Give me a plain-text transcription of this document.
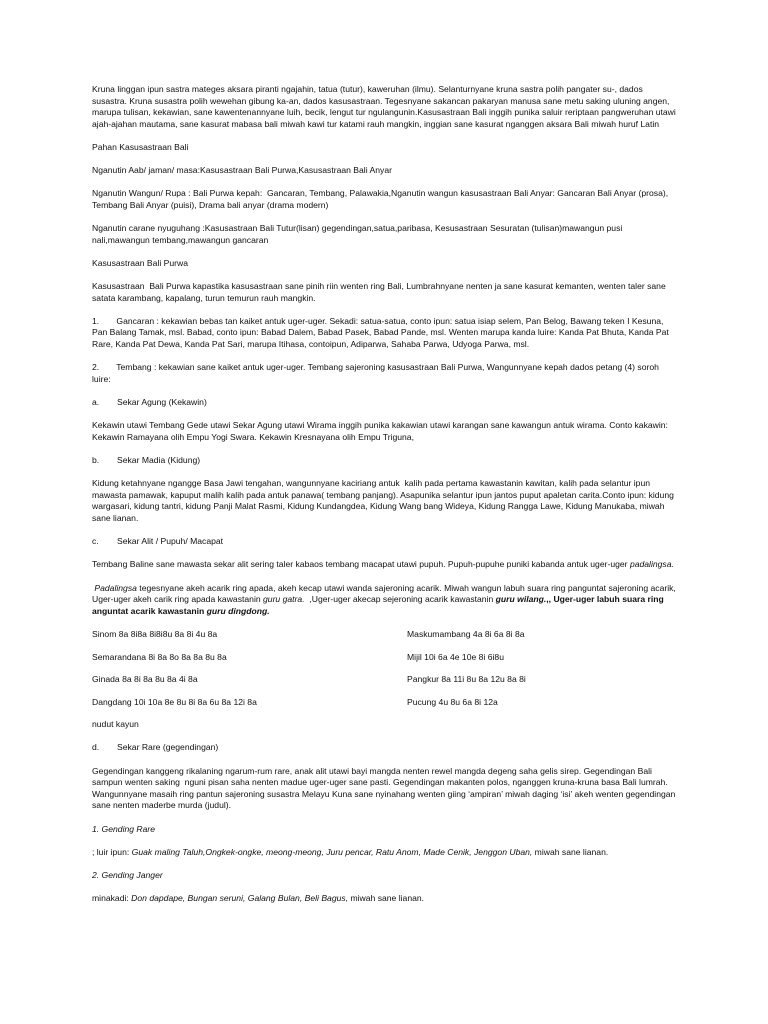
Kruna linggan ipun sastra mateges aksara piranti ngajahin, tatua (tutur), kaweruhan (ilmu). Selanturnyane kruna sastra polih pangater su-, dados susastra. Kruna susastra polih wewehan gibung ka-an, dados kasusastraan. Tegesnyane sakancan pakaryan manusa sane metu saking uluning angen, marupa tulisan, kekawian, sane kawentenannyane luih, becik, lengut tur ngulangunin.Kasusastraan Bali inggih punika saluir reriptaan pangweruhan utawi ajah-ajahan mautama, sane kasurat mabasa bali miwah kawi tur katami rauh mangkin, inggian sane kasurat nganggen aksara Bali miwah huruf Latin

Pahan Kasusastraan Bali

Nganutin Aab/ jaman/ masa:Kasusastraan Bali Purwa,Kasusastraan Bali Anyar

Nganutin Wangun/ Rupa : Bali Purwa kepah:  Gancaran, Tembang, Palawakia,Nganutin wangun kasusastraan Bali Anyar: Gancaran Bali Anyar (prosa), Tembang Bali Anyar (puisi), Drama bali anyar (drama modern)

Nganutin carane nyuguhang :Kasusastraan Bali Tutur(lisan) gegendingan,satua,paribasa, Kesusastraan Sesuratan (tulisan)mawangun pusi nali,mawangun tembang,mawangun gancaran

Kasusastraan Bali Purwa

Kasusastraan  Bali Purwa kapastika kasusastraan sane pinih riin wenten ring Bali, Lumbrahnyane nenten ja sane kasurat kemanten, wenten taler sane satata karambang, kapalang, turun temurun rauh mangkin.

1. Gancaran : kekawian bebas tan kaiket antuk uger-uger. Sekadi: satua-satua, conto ipun: satua isiap selem, Pan Belog, Bawang teken I Kesuna, Pan Balang Tamak, msl. Babad, conto ipun: Babad Dalem, Babad Pasek, Babad Pande, msl. Wenten marupa kanda luire: Kanda Pat Bhuta, Kanda Pat Rare, Kanda Pat Dewa, Kanda Pat Sari, marupa Itihasa, contoipun, Adiparwa, Sahaba Parwa, Udyoga Parwa, msl.

2. Tembang : kekawian sane kaiket antuk uger-uger. Tembang sajeroning kasusastraan Bali Purwa, Wangunnyane kepah dados petang (4) soroh luire:

a. Sekar Agung (Kekawin)

Kekawin utawi Tembang Gede utawi Sekar Agung utawi Wirama inggih punika kakawian utawi karangan sane kawangun antuk wirama. Conto kakawin: Kekawin Ramayana olih Empu Yogi Swara. Kekawin Kresnayana olih Empu Triguna,

b. Sekar Madia (Kidung)

Kidung ketahnyane ngangge Basa Jawi tengahan, wangunnyane kaciriang antuk  kalih pada pertama kawastanin kawitan, kalih pada selantur ipun mawasta pamawak, kapuput malih kalih pada antuk panawa( tembang panjang). Asapunika selantur ipun jantos puput apaletan carita.Conto ipun: kidung wargasari, kidung tantri, kidung Panji Malat Rasmi, Kidung Kundangdea, Kidung Wang bang Wideya, Kidung Rangga Lawe, Kidung Manukaba, miwah sane lianan.

c. Sekar Alit / Pupuh/ Macapat

Tembang Baline sane mawasta sekar alit sering taler kabaos tembang macapat utawi pupuh. Pupuh-pupuhe puniki kabanda antuk uger-uger padalingsa.

Padalingsa tegesnyane akeh acarik ring apada, akeh kecap utawi wanda sajeroning acarik. Miwah wangun labuh suara ring panguntat sajeroning acarik,  Uger-uger akeh carik ring apada kawastanin guru gatra.  ,Uger-uger akecap sejeroning acarik kawastanin guru wilang.,, Uger-uger labuh suara ring anguntat acarik kawastanin guru dingdong.

Sinom 8a 8i8a 8i8i8u 8a 8i 4u 8a	Maskumambang 4a 8i 6a 8i 8a
Semarandana 8i 8a 8o 8a 8a 8u 8a	Mijil 10i 6a 4e 10e 8i 6i8u
Ginada 8a 8i 8a 8u 8a 4i 8a	Pangkur 8a 11i 8u 8a 12u 8a 8i
Dangdang 10i 10a 8e 8u 8i 8a 6u 8a 12i 8a	Pucung 4u 8u 6a 8i 12a

nudut kayun

d. Sekar Rare (gegendingan)

Gegendingan kanggeng rikalaning ngarum-rum rare, anak alit utawi bayi mangda nenten rewel mangda degeng saha gelis sirep. Gegendingan Bali sampun wenten saking  nguni pisan saha nenten madue uger-uger sane pasti. Gegendingan makanten polos, nganggen kruna-kruna basa Bali lumrah. Wangunnyane masaih ring pantun sajeroning susastra Melayu Kuna sane nyinahang wenten giing ‘ampiran’ miwah daging ‘isi’ akeh wenten gegendingan sane nenten maderbe murda (judul).

1. Gending Rare

; luir ipun: Guak maling Taluh,Ongkek-ongke, meong-meong, Juru pencar, Ratu Anom, Made Cenik, Jenggon Uban, miwah sane lianan.

2. Gending Janger

minakadi: Don dapdape, Bungan seruni, Galang Bulan, Beli Bagus, miwah sane lianan.
